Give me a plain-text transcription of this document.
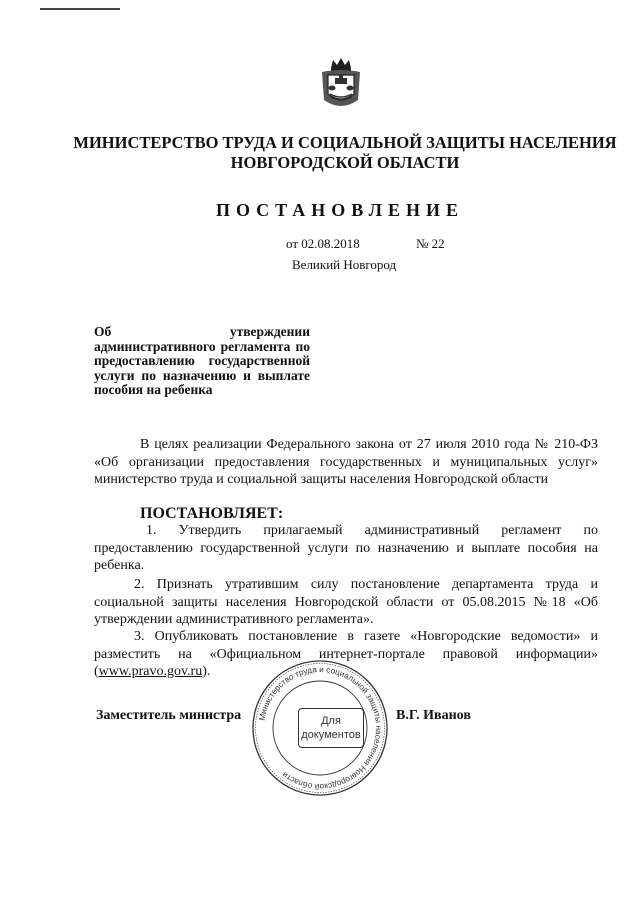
МИНИСТЕРСТВО ТРУДА И СОЦИАЛЬНОЙ ЗАЩИТЫ НАСЕЛЕНИЯ
НОВГОРОДСКОЙ ОБЛАСТИ
ПОСТАНОВЛЕНИЕ
от 02.08.2018	№ 22
Великий Новгород
Об утверждении административного регламента по предоставлению государственной услуги по назначению и выплате пособия на ребенка
В целях реализации Федерального закона от 27 июля 2010 года № 210-ФЗ «Об организации предоставления государственных и муниципальных услуг» министерство труда и социальной защиты населения Новгородской области
ПОСТАНОВЛЯЕТ:
1. Утвердить прилагаемый административный регламент по предоставлению государственной услуги по назначению и выплате пособия на ребенка.
2. Признать утратившим силу постановление департамента труда и социальной защиты населения Новгородской области от 05.08.2015 №18 «Об утверждении административного регламента».
3. Опубликовать постановление в газете «Новгородские ведомости» и разместить на «Официальном интернет-портале правовой информации» (www.pravo.gov.ru).
Министерство труда и социальной защиты населения Новгородской области
Для
документов
Заместитель министра	В.Г. Иванов
